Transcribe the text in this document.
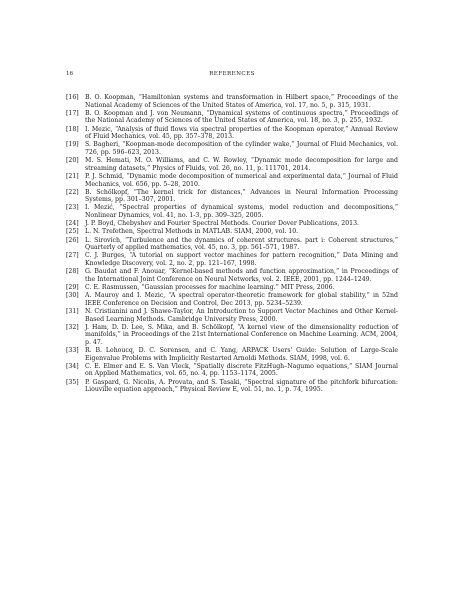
16	REFERENCES
[16] B. O. Koopman, “Hamiltonian systems and transformation in Hilbert space,” Proceedings of the National Academy of Sciences of the United States of America, vol. 17, no. 5, p. 315, 1931.
[17] B. O. Koopman and J. von Neumann, “Dynamical systems of continuous spectra,” Proceedings of the National Academy of Sciences of the United States of America, vol. 18, no. 3, p. 255, 1932.
[18] I. Mezic, “Analysis of fluid flows via spectral properties of the Koopman operator,” Annual Review of Fluid Mechanics, vol. 45, pp. 357–378, 2013.
[19] S. Bagheri, “Koopman-mode decomposition of the cylinder wake,” Journal of Fluid Mechanics, vol. 726, pp. 596–623, 2013.
[20] M. S. Hemati, M. O. Williams, and C. W. Rowley, “Dynamic mode decomposition for large and streaming datasets,” Physics of Fluids, vol. 26, no. 11, p. 111701, 2014.
[21] P. J. Schmid, “Dynamic mode decomposition of numerical and experimental data,” Journal of Fluid Mechanics, vol. 656, pp. 5–28, 2010.
[22] B. Schölkopf, “The kernel trick for distances,” Advances in Neural Information Processing Systems, pp. 301–307, 2001.
[23] I. Mezić, “Spectral properties of dynamical systems, model reduction and decompositions,” Nonlinear Dynamics, vol. 41, no. 1-3, pp. 309–325, 2005.
[24] J. P. Boyd, Chebyshev and Fourier Spectral Methods. Courier Dover Publications, 2013.
[25] L. N. Trefethen, Spectral Methods in MATLAB. SIAM, 2000, vol. 10.
[26] L. Sirovich, “Turbulence and the dynamics of coherent structures. part i: Coherent structures,” Quarterly of applied mathematics, vol. 45, no. 3, pp. 561–571, 1987.
[27] C. J. Burges, “A tutorial on support vector machines for pattern recognition,” Data Mining and Knowledge Discovery, vol. 2, no. 2, pp. 121–167, 1998.
[28] G. Baudat and F. Anouar, “Kernel-based methods and function approximation,” in Proceedings of the International Joint Conference on Neural Networks, vol. 2. IEEE, 2001, pp. 1244–1249.
[29] C. E. Rasmussen, “Gaussian processes for machine learning.” MIT Press, 2006.
[30] A. Mauroy and I. Mezic, “A spectral operator-theoretic framework for global stability,” in 52nd IEEE Conference on Decision and Control, Dec 2013, pp. 5234–5239.
[31] N. Cristianini and J. Shawe-Taylor, An Introduction to Support Vector Machines and Other Kernel-Based Learning Methods. Cambridge University Press, 2000.
[32] J. Ham, D. D. Lee, S. Mika, and B. Schölkopf, “A kernel view of the dimensionality reduction of manifolds,” in Proceedings of the 21st International Conference on Machine Learning. ACM, 2004, p. 47.
[33] R. B. Lehoucq, D. C. Sorensen, and C. Yang, ARPACK Users' Guide: Solution of Large-Scale Eigenvalue Problems with Implicitly Restarted Arnoldi Methods. SIAM, 1998, vol. 6.
[34] C. E. Elmer and E. S. Van Vleck, “Spatially discrete FitzHugh–Nagumo equations,” SIAM Journal on Applied Mathematics, vol. 65, no. 4, pp. 1153–1174, 2005.
[35] P. Gaspard, G. Nicolis, A. Provata, and S. Tasaki, “Spectral signature of the pitchfork bifurcation: Liouville equation approach,” Physical Review E, vol. 51, no. 1, p. 74, 1995.
